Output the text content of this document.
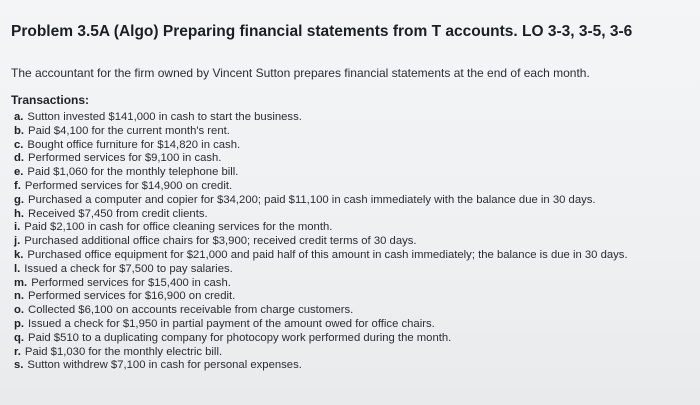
Problem 3.5A (Algo) Preparing financial statements from T accounts. LO 3-3, 3-5, 3-6
The accountant for the firm owned by Vincent Sutton prepares financial statements at the end of each month.
Transactions:
a. Sutton invested $141,000 in cash to start the business.
b. Paid $4,100 for the current month's rent.
c. Bought office furniture for $14,820 in cash.
d. Performed services for $9,100 in cash.
e. Paid $1,060 for the monthly telephone bill.
f. Performed services for $14,900 on credit.
g. Purchased a computer and copier for $34,200; paid $11,100 in cash immediately with the balance due in 30 days.
h. Received $7,450 from credit clients.
i. Paid $2,100 in cash for office cleaning services for the month.
j. Purchased additional office chairs for $3,900; received credit terms of 30 days.
k. Purchased office equipment for $21,000 and paid half of this amount in cash immediately; the balance is due in 30 days.
l. Issued a check for $7,500 to pay salaries.
m. Performed services for $15,400 in cash.
n. Performed services for $16,900 on credit.
o. Collected $6,100 on accounts receivable from charge customers.
p. Issued a check for $1,950 in partial payment of the amount owed for office chairs.
q. Paid $510 to a duplicating company for photocopy work performed during the month.
r. Paid $1,030 for the monthly electric bill.
s. Sutton withdrew $7,100 in cash for personal expenses.
